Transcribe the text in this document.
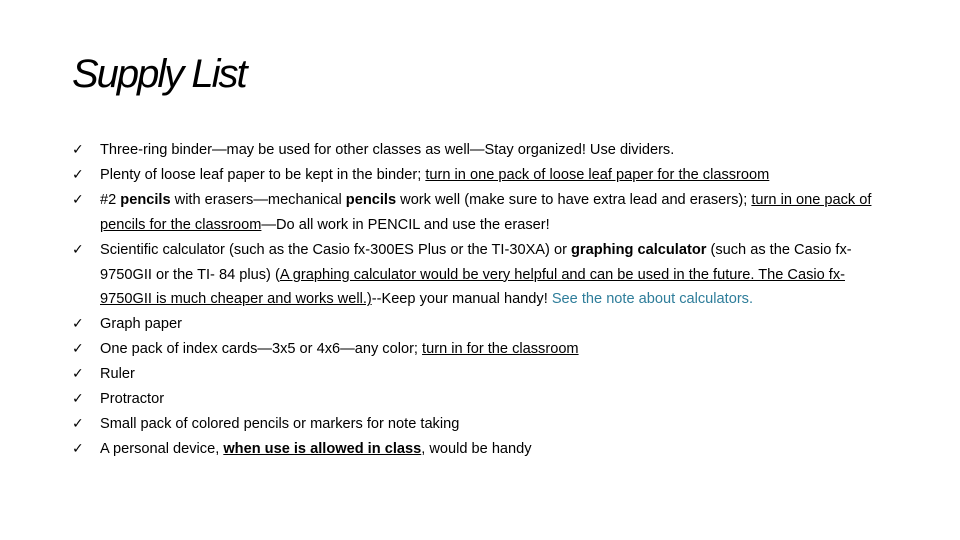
Supply List
✓ Three-ring binder—may be used for other classes as well—Stay organized! Use dividers.
✓ Plenty of loose leaf paper to be kept in the binder; turn in one pack of loose leaf paper for the classroom
✓ #2 pencils with erasers—mechanical pencils work well (make sure to have extra lead and erasers); turn in one pack of pencils for the classroom—Do all work in PENCIL and use the eraser!
✓ Scientific calculator (such as the Casio fx-300ES Plus or the TI-30XA) or graphing calculator (such as the Casio fx-9750GII or the TI- 84 plus) (A graphing calculator would be very helpful and can be used in the future. The Casio fx-9750GII is much cheaper and works well.)--Keep your manual handy! See the note about calculators.
✓ Graph paper
✓ One pack of index cards—3x5 or 4x6—any color; turn in for the classroom
✓ Ruler
✓ Protractor
✓ Small pack of colored pencils or markers for note taking
✓ A personal device, when use is allowed in class, would be handy
